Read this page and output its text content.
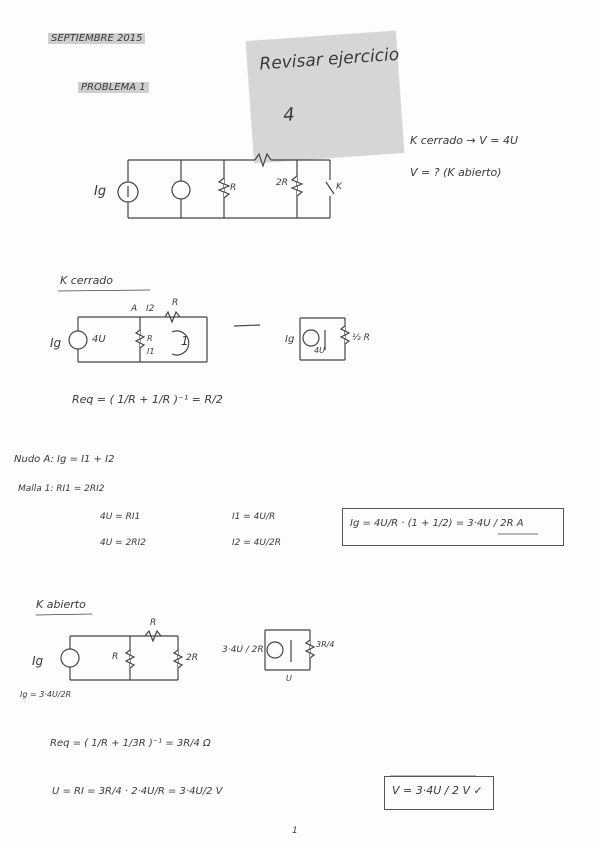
SEPTIEMBRE 2015
PROBLEMA 1
Revisar ejercicio
4
K cerrado → V = 4U
V = ? (K abierto)
Ig	R	2R	K
K cerrado
A I2
R
Ig	4U	R
I1
1	Ig
4U
½ R
Req = ( 1/R + 1/R )⁻¹ = R/2
Nudo A: Ig = I1 + I2
Malla 1: RI1 = 2RI2
4U = RI1
4U = 2RI2
I1 = 4U/R
I2 = 4U/2R
Ig = 4U/R · (1 + 1/2) = 3·4U / 2R A
K abierto
Ig	R
R
2R
Ig = 3·4U/2R
3·4U / 2R
3R/4
U
Req = ( 1/R + 1/3R )⁻¹ = 3R/4 Ω
U = RI = 3R/4 · 2·4U/R = 3·4U/2 V	V = 3·4U / 2 V ✓
1
